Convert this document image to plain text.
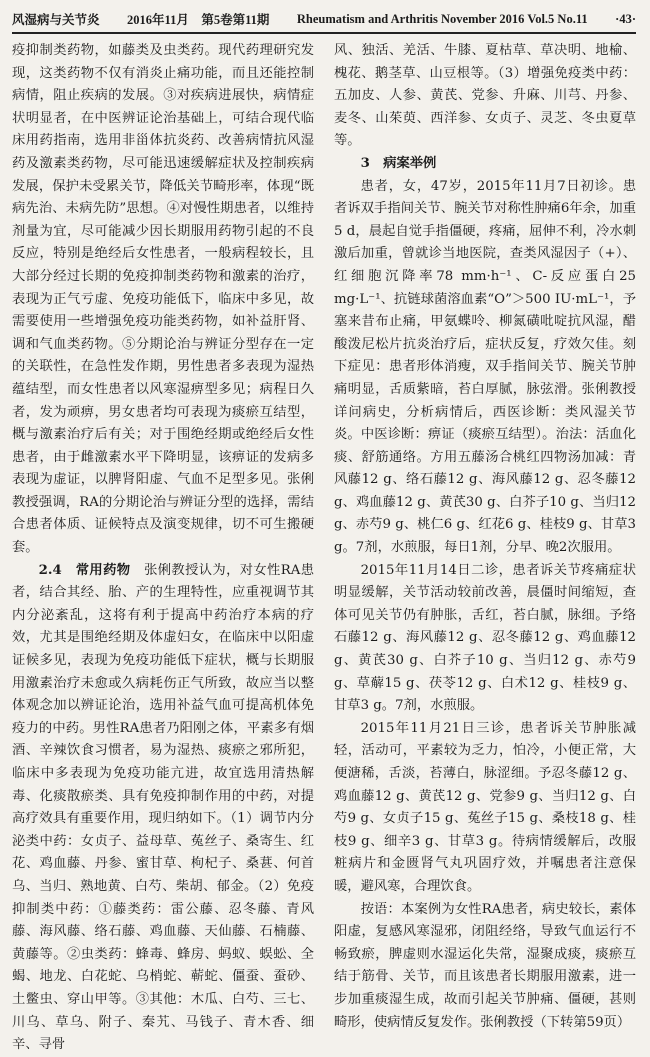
风湿病与关节炎 2016年11月　第5卷第11期 Rheumatism and Arthritis November 2016 Vol.5 No.11 ·43·

疫抑制类药物，如藤类及虫类药。现代药理研究发现，这类药物不仅有消炎止痛功能，而且还能控制病情，阻止疾病的发展。③对疾病进展快，病情症状明显者，在中医辨证论治基础上，可结合现代临床用药指南，选用非甾体抗炎药、改善病情抗风湿药及激素类药物，尽可能迅速缓解症状及控制疾病发展，保护未受累关节，降低关节畸形率，体现“既病先治、未病先防”思想。④对慢性期患者，以维持剂量为宜，尽可能减少因长期服用药物引起的不良反应，特别是绝经后女性患者，一般病程较长，且大部分经过长期的免疫抑制类药物和激素的治疗，表现为正气亏虚、免疫功能低下，临床中多见，故需要使用一些增强免疫功能类药物，如补益肝肾、调和气血类药物。⑤分期论治与辨证分型存在一定的关联性，在急性发作期，男性患者多表现为湿热蕴结型，而女性患者以风寒湿痹型多见；病程日久者，发为顽痹，男女患者均可表现为痰瘀互结型，概与激素治疗后有关；对于围绝经期或绝经后女性患者，由于雌激素水平下降明显，该痹证的发病多表现为虚证，以脾肾阳虚、气血不足型多见。张俐教授强调，RA的分期论治与辨证分型的选择，需结合患者体质、证候特点及演变规律，切不可生搬硬套。

2.4　常用药物　 张俐教授认为，对女性RA患者，结合其经、胎、产的生理特性，应重视调节其内分泌紊乱，这将有利于提高中药治疗本病的疗效，尤其是围绝经期及体虚妇女，在临床中以阳虚证候多见，表现为免疫功能低下症状，概与长期服用激素治疗未愈或久病耗伤正气所致，故应当以整体观念加以辨证论治，选用补益气血可提高机体免疫力的中药。男性RA患者乃阳刚之体，平素多有烟酒、辛辣饮食习惯者，易为湿热、痰瘀之邪所犯，临床中多表现为免疫功能亢进，故宜选用清热解毒、化痰散瘀类、具有免疫抑制作用的中药，对提高疗效具有重要作用，现归纳如下。（1）调节内分泌类中药：女贞子、益母草、菟丝子、桑寄生、红花、鸡血藤、丹参、蜜甘草、枸杞子、桑葚、何首乌、当归、熟地黄、白芍、柴胡、郁金。（2）免疫抑制类中药：①藤类药：雷公藤、忍冬藤、青风藤、海风藤、络石藤、鸡血藤、天仙藤、石楠藤、黄藤等。②虫类药：蜂毒、蜂房、蚂蚁、蜈蚣、全蝎、地龙、白花蛇、乌梢蛇、蕲蛇、僵蚕、蚕砂、土鳖虫、穿山甲等。③其他：木瓜、白芍、三七、川乌、草乌、附子、秦艽、马钱子、青木香、细辛、寻骨

风、独活、羌活、牛膝、夏枯草、草决明、地榆、槐花、鹅茎草、山豆根等。（3）增强免疫类中药：五加皮、人参、黄芪、党参、升麻、川芎、丹参、麦冬、山茱萸、西洋参、女贞子、灵芝、冬虫夏草等。

3　病案举例

患者，女，47岁，2015年11月7日初诊。患者诉双手指间关节、腕关节对称性肿痛6年余，加重5 d，晨起自觉手指僵硬，疼痛，屈伸不利，冷水刺激后加重，曾就诊当地医院，查类风湿因子（+）、红细胞沉降率78 mm·h⁻¹、C-反应蛋白25 mg·L⁻¹、抗链球菌溶血素“O”＞500 IU·mL⁻¹，予塞来昔布止痛，甲氨蝶呤、柳氮磺吡啶抗风湿，醋酸泼尼松片抗炎治疗后，症状反复，疗效欠佳。刻下症见：患者形体消瘦，双手指间关节、腕关节肿痛明显，舌质紫暗，苔白厚腻，脉弦滑。张俐教授详问病史，分析病情后，西医诊断：类风湿关节炎。中医诊断：痹证（痰瘀互结型）。治法：活血化痰、舒筋通络。方用五藤汤合桃红四物汤加减：青风藤12 g、络石藤12 g、海风藤12 g、忍冬藤12 g、鸡血藤12 g、黄芪30 g、白芥子10 g、当归12 g、赤芍9 g、桃仁6 g、红花6 g、桂枝9 g、甘草3 g。7剂，水煎服，每日1剂，分早、晚2次服用。

2015年11月14日二诊，患者诉关节疼痛症状明显缓解，关节活动较前改善，晨僵时间缩短，查体可见关节仍有肿胀，舌红，苔白腻，脉细。予络石藤12 g、海风藤12 g、忍冬藤12 g、鸡血藤12 g、黄芪30 g、白芥子10 g、当归12 g、赤芍9 g、草薢15 g、茯苓12 g、白术12 g、桂枝9 g、甘草3 g。7剂，水煎服。

2015年11月21日三诊，患者诉关节肿胀减轻，活动可，平素较为乏力，怕冷，小便正常，大便溏稀，舌淡，苔薄白，脉涩细。予忍冬藤12 g、鸡血藤12 g、黄芪12 g、党参9 g、当归12 g、白芍9 g、女贞子15 g、菟丝子15 g、桑枝18 g、桂枝9 g、细辛3 g、甘草3 g。待病情缓解后，改服粧病片和金匮肾气丸巩固疗效，并嘱患者注意保暖，避风寒，合理饮食。

按语：本案例为女性RA患者，病史较长，素体阳虚，复感风寒湿邪，闭阻经络，导致气血运行不畅致瘀，脾虚则水湿运化失常，湿聚成痰，痰瘀互结于筋骨、关节，而且该患者长期服用激素，进一步加重痰湿生成，故而引起关节肿痛、僵硬，甚则畸形，使病情反复发作。张俐教授（下转第59页）
